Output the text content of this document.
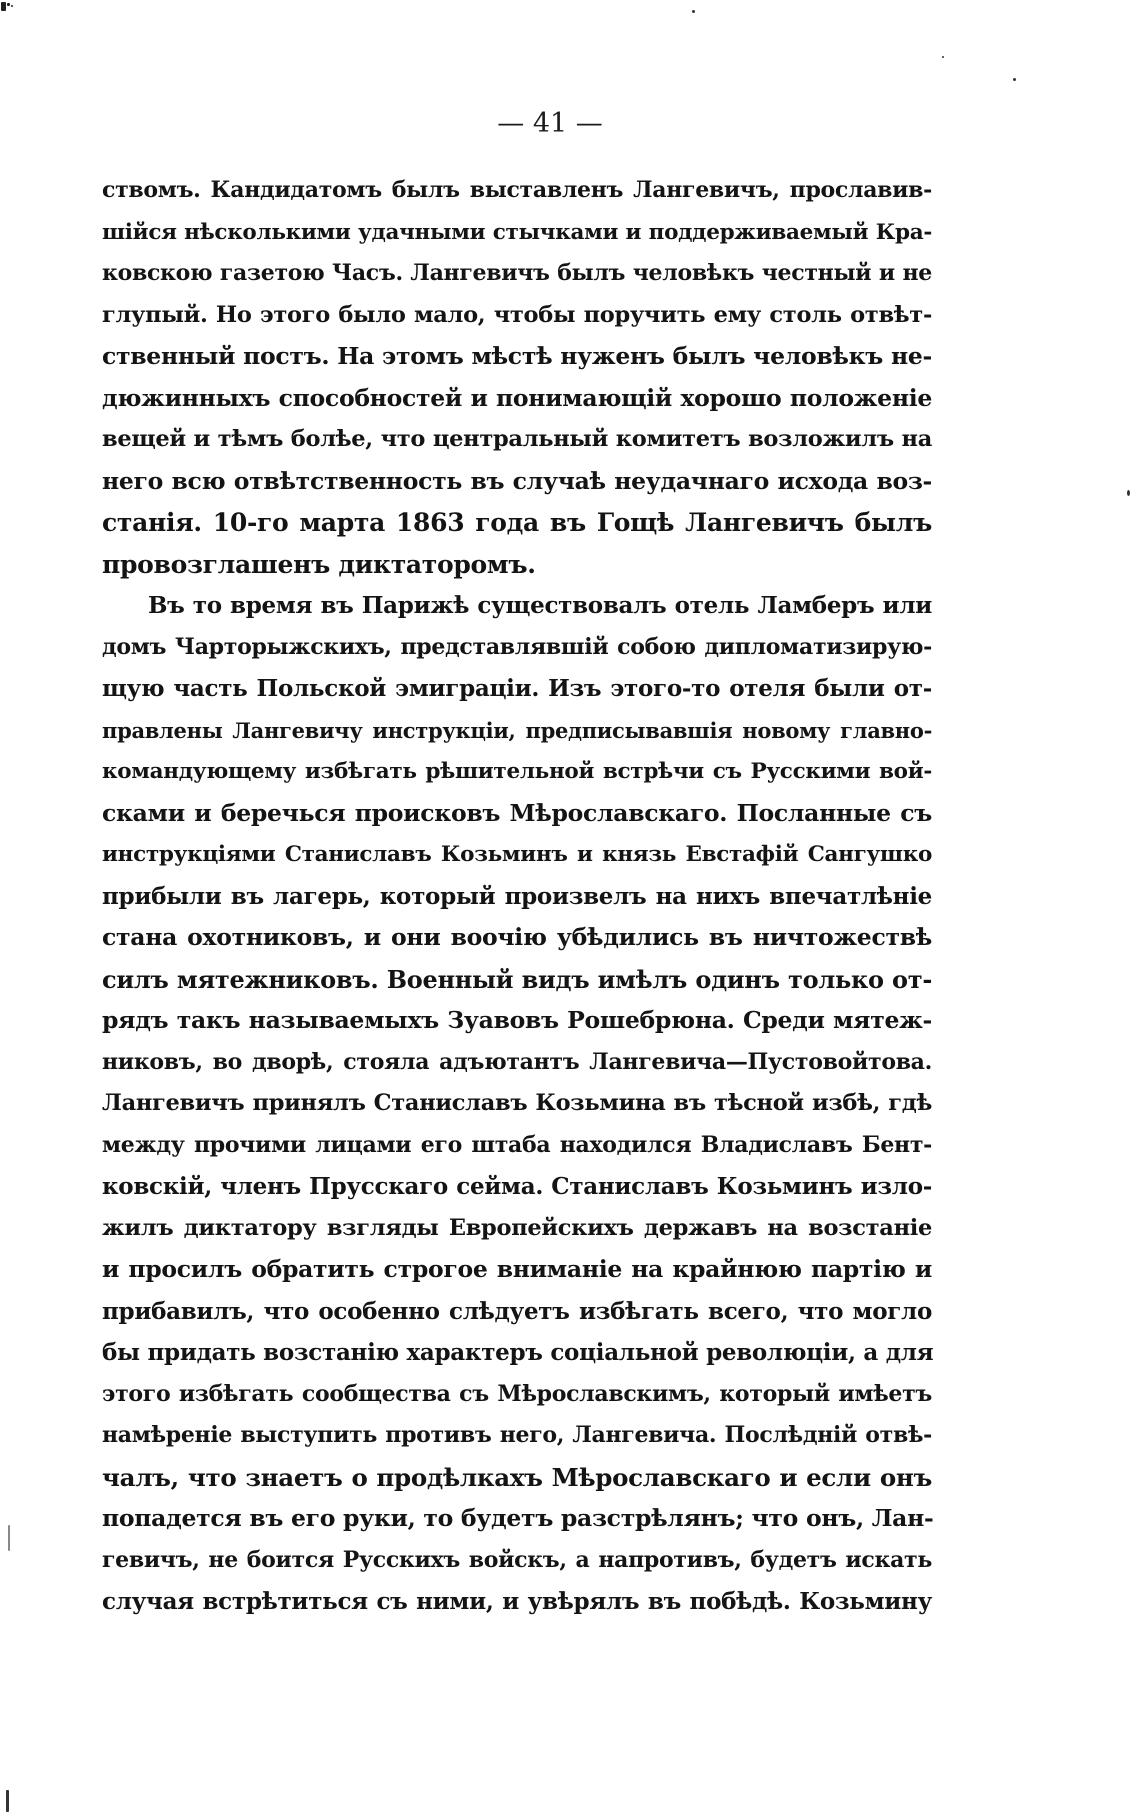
— 41 —
ствомъ. Кандидатомъ былъ выставленъ Лангевичъ, прославив-
шійся нѣсколькими удачными стычками и поддерживаемый Кра-
ковскою газетою Часъ. Лангевичъ былъ человѣкъ честный и не
глупый. Но этого было мало, чтобы поручить ему столь отвѣт-
ственный постъ. На этомъ мѣстѣ нуженъ былъ человѣкъ не-
дюжинныхъ способностей и понимающій хорошо положеніе
вещей и тѣмъ болѣе, что центральный комитетъ возложилъ на
него всю отвѣтственность въ случаѣ неудачнаго исхода воз-
станія. 10-го марта 1863 года въ Гощѣ Лангевичъ былъ
провозглашенъ диктаторомъ.
Въ то время въ Парижѣ существовалъ отель Ламберъ или
домъ Чарторыжскихъ, представлявшій собою дипломатизирую-
щую часть Польской эмиграціи. Изъ этого-то отеля были от-
правлены Лангевичу инструкціи, предписывавшія новому главно-
командующему избѣгать рѣшительной встрѣчи съ Русскими вой-
сками и беречься происковъ Мѣрославскаго. Посланные съ
инструкціями Станиславъ Козьминъ и князь Евстафій Сангушко
прибыли въ лагерь, который произвелъ на нихъ впечатлѣніе
стана охотниковъ, и они воочію убѣдились въ ничтожествѣ
силъ мятежниковъ. Военный видъ имѣлъ одинъ только от-
рядъ такъ называемыхъ Зуавовъ Рошебрюна. Среди мятеж-
никовъ, во дворѣ, стояла адъютантъ Лангевича—Пустовойтова.
Лангевичъ принялъ Станиславъ Козьмина въ тѣсной избѣ, гдѣ
между прочими лицами его штаба находился Владиславъ Бент-
ковскій, членъ Прусскаго сейма. Станиславъ Козьминъ изло-
жилъ диктатору взгляды Европейскихъ державъ на возстаніе
и просилъ обратить строгое вниманіе на крайнюю партію и
прибавилъ, что особенно слѣдуетъ избѣгать всего, что могло
бы придать возстанію характеръ соціальной революціи, а для
этого избѣгать сообщества съ Мѣрославскимъ, который имѣетъ
намѣреніе выступить противъ него, Лангевича. Послѣдній отвѣ-
чалъ, что знаетъ о продѣлкахъ Мѣрославскаго и если онъ
попадется въ его руки, то будетъ разстрѣлянъ; что онъ, Лан-
гевичъ, не боится Русскихъ войскъ, а напротивъ, будетъ искать
случая встрѣтиться съ ними, и увѣрялъ въ побѣдѣ. Козьмину
